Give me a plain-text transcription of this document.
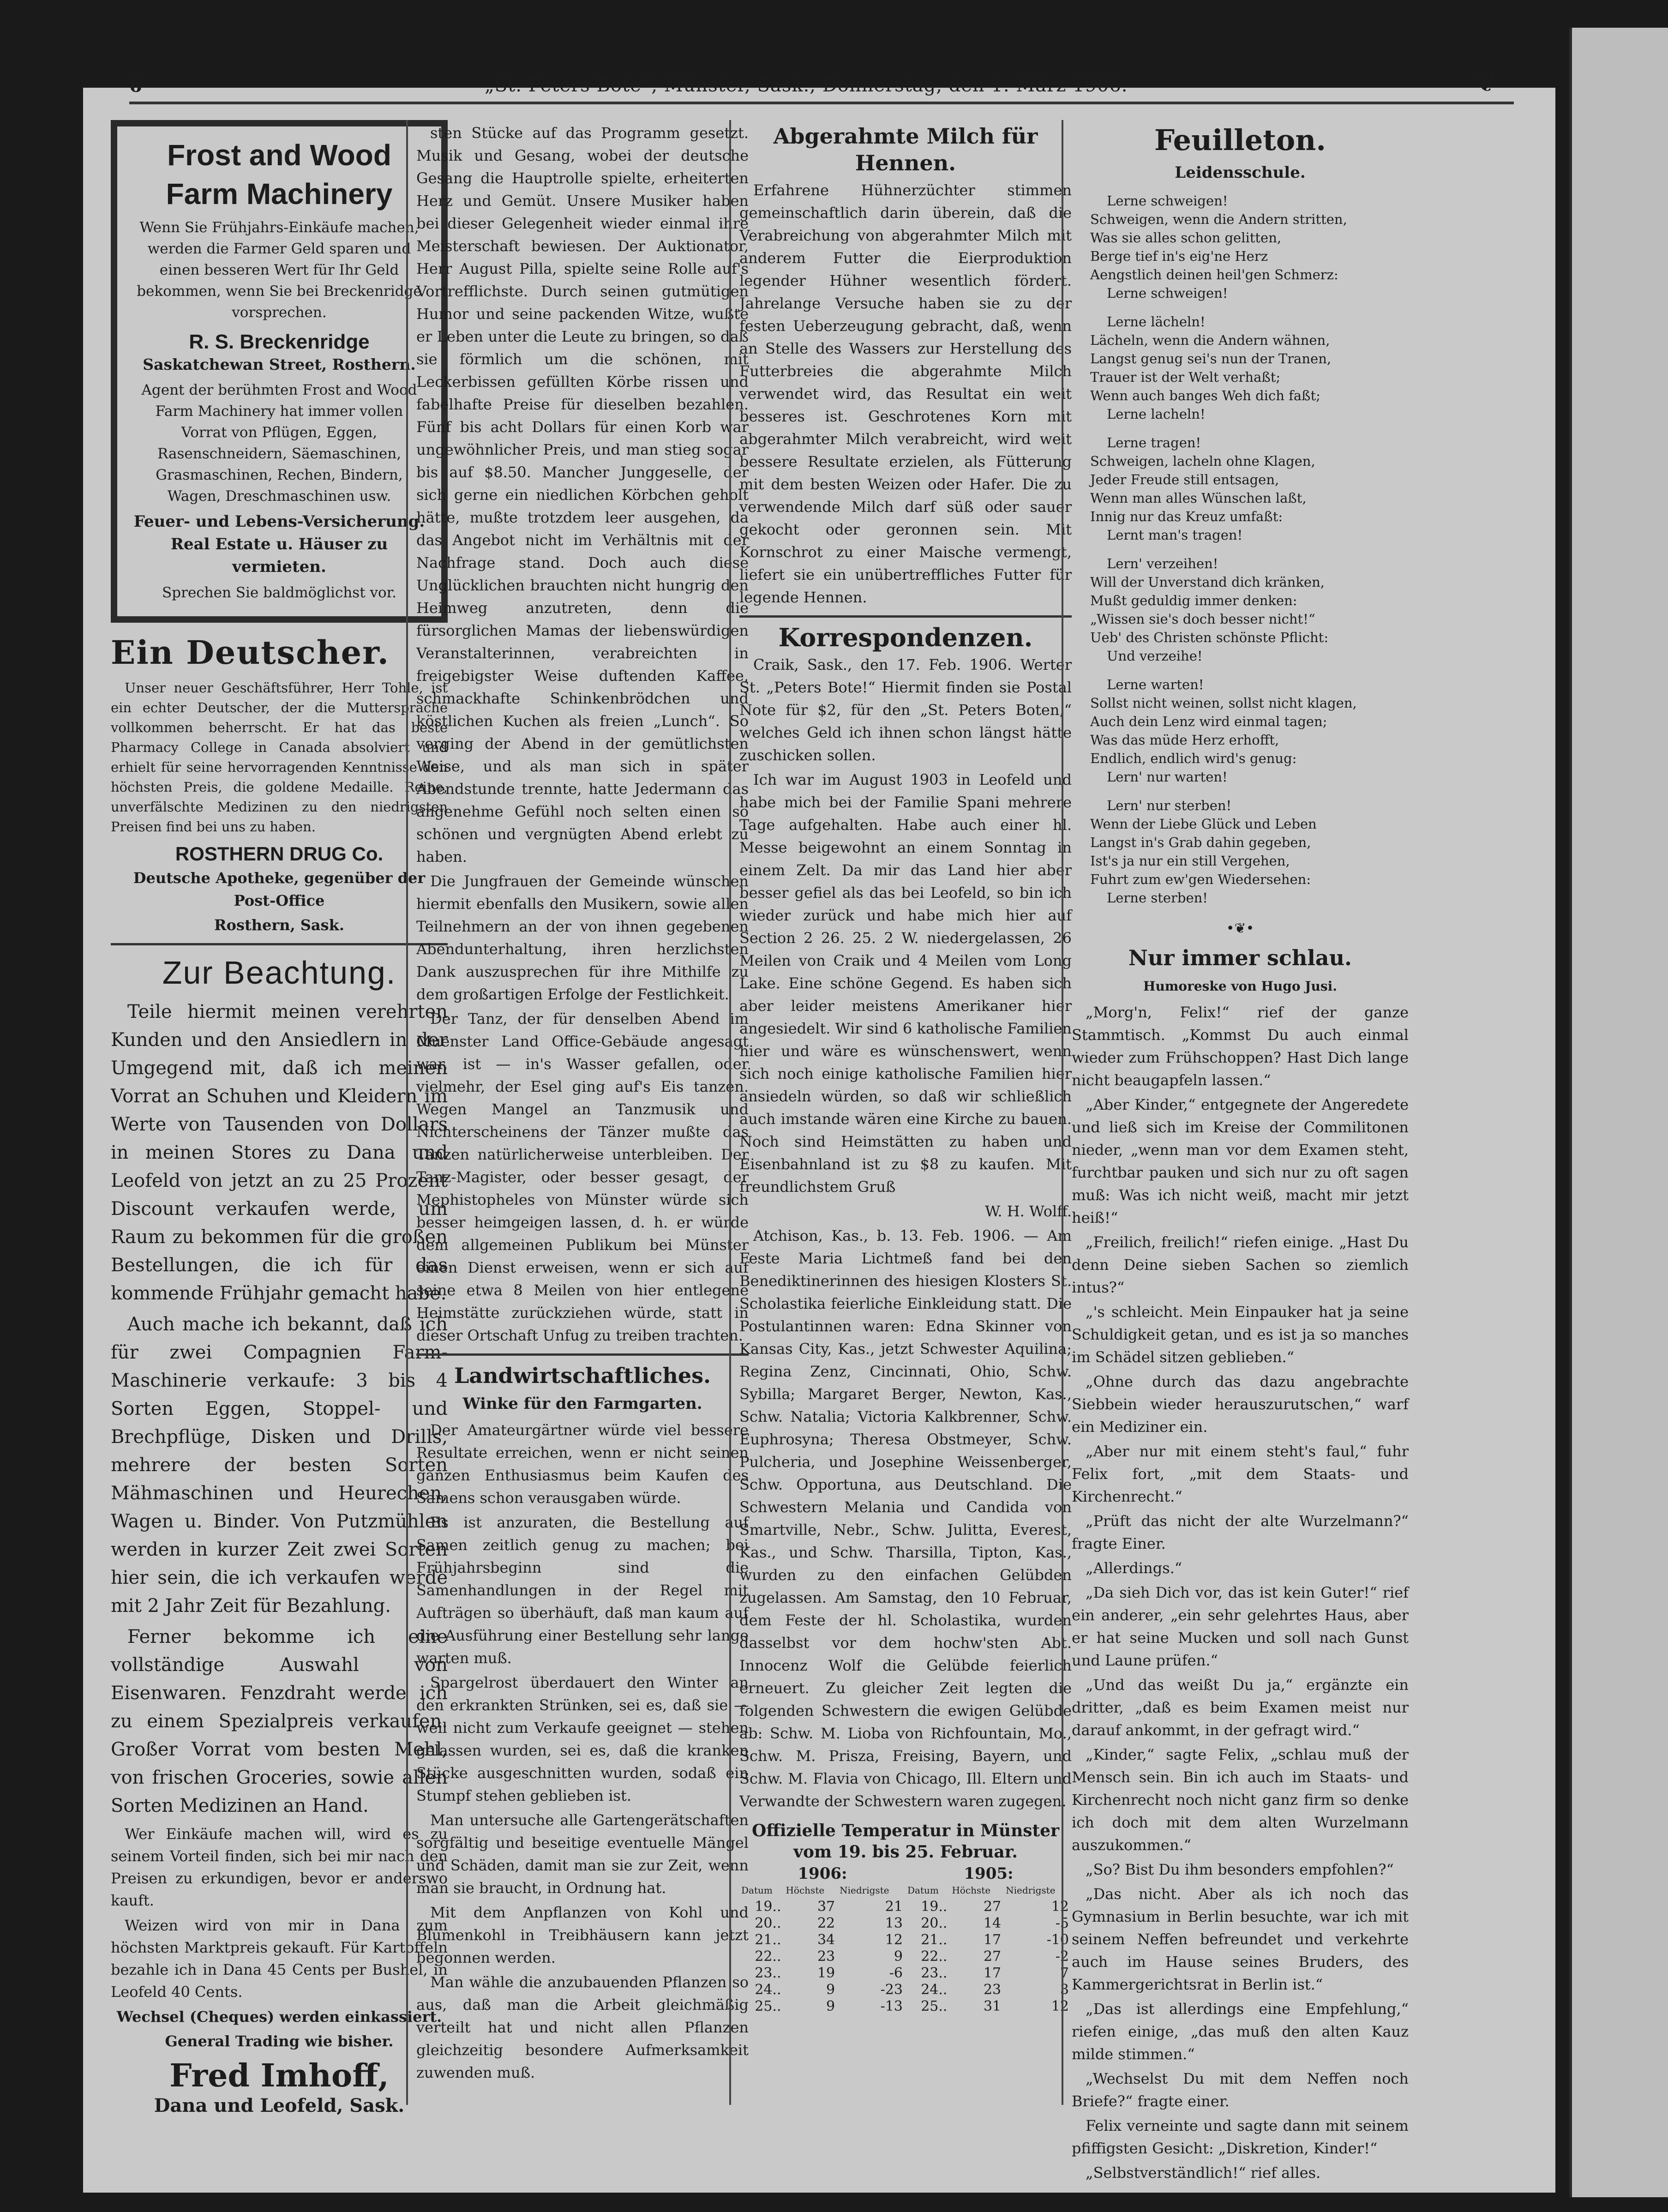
6	„St. Peters Bote“, Münster, Sask., Donnerstag, den 1. März 1906.	❦
Frost and Wood Farm Machinery

Wenn Sie Frühjahrs-Einkäufe machen, werden die Farmer Geld sparen und einen besseren Wert für Ihr Geld bekommen, wenn Sie bei Breckenridge vorsprechen.

R. S. Breckenridge
Saskatchewan Street, Rosthern.

Agent der berühmten Frost and Wood Farm Machinery hat immer vollen Vorrat von Pflügen, Eggen, Rasenschneidern, Säemaschinen, Grasmaschinen, Rechen, Bindern, Wagen, Dreschmaschinen usw.

Feuer- und Lebens-Versicherung.
Real Estate u. Häuser zu vermieten.

Sprechen Sie baldmöglichst vor.

Ein Deutscher.

Unser neuer Geschäftsführer, Herr Tohle, ist ein echter Deutscher, der die Muttersprache vollkommen beherrscht. Er hat das beste Pharmacy College in Canada absolviert und erhielt für seine hervorragenden Kenntnisse den höchsten Preis, die goldene Medaille. Reine, unverfälschte Medizinen zu den niedrigsten Preisen find bei uns zu haben.

ROSTHERN DRUG Co.
Deutsche Apotheke, gegenüber der Post-Office
Rosthern, Sask.
Zur Beachtung.

Teile hiermit meinen verehrten Kunden und den Ansiedlern in der Umgegend mit, daß ich meinen Vorrat an Schuhen und Kleidern im Werte von Tausenden von Dollars in meinen Stores zu Dana und Leofeld von jetzt an zu 25 Prozent Discount verkaufen werde, um Raum zu bekommen für die großen Bestellungen, die ich für das kommende Frühjahr gemacht habe.

Auch mache ich bekannt, daß ich für zwei Compagnien Farm-Maschinerie verkaufe: 3 bis 4 Sorten Eggen, Stoppel- und Brechpflüge, Disken und Drills, mehrere der besten Sorten Mähmaschinen und Heurechen, Wagen u. Binder. Von Putzmühlen werden in kurzer Zeit zwei Sorten hier sein, die ich verkaufen werde mit 2 Jahr Zeit für Bezahlung.

Ferner bekomme ich eine vollständige Auswahl von Eisenwaren. Fenzdraht werde ich zu einem Spezialpreis verkaufen. Großer Vorrat vom besten Mehl, von frischen Groceries, sowie allen Sorten Medizinen an Hand.

Wer Einkäufe machen will, wird es zu seinem Vorteil finden, sich bei mir nach den Preisen zu erkundigen, bevor er anderswo kauft.

Weizen wird von mir in Dana zum höchsten Marktpreis gekauft. Für Kartoffeln bezahle ich in Dana 45 Cents per Bushel, in Leofeld 40 Cents.

Wechsel (Cheques) werden einkassiert.
General Trading wie bisher.
Fred Imhoff,
Dana und Leofeld, Sask.

sten Stücke auf das Programm gesetzt. Musik und Gesang, wobei der deutsche Gesang die Hauptrolle spielte, erheiterten Herz und Gemüt. Unsere Musiker haben bei dieser Gelegenheit wieder einmal ihre Meisterschaft bewiesen. Der Auktionator, Herr August Pilla, spielte seine Rolle auf's Vortrefflichste. Durch seinen gutmütigen Humor und seine packenden Witze, wußte er Leben unter die Leute zu bringen, so daß sie förmlich um die schönen, mit Leckerbissen gefüllten Körbe rissen und fabelhafte Preise für dieselben bezahlen. Fünf bis acht Dollars für einen Korb war ungewöhnlicher Preis, und man stieg sogar bis auf $8.50. Mancher Junggeselle, der sich gerne ein niedlichen Körbchen geholt hätte, mußte trotzdem leer ausgehen, da das Angebot nicht im Verhältnis mit der Nachfrage stand. Doch auch diese Unglücklichen brauchten nicht hungrig den Heimweg anzutreten, denn die fürsorglichen Mamas der liebenswürdigen Veranstalterinnen, verabreichten in freigebigster Weise duftenden Kaffee, schmackhafte Schinkenbrödchen und köstlichen Kuchen als freien „Lunch“. So verging der Abend in der gemütlichsten Weise, und als man sich in später Abendstunde trennte, hatte Jedermann das angenehme Gefühl noch selten einen so schönen und vergnügten Abend erlebt zu haben.

Die Jungfrauen der Gemeinde wünschen hiermit ebenfalls den Musikern, sowie allen Teilnehmern an der von ihnen gegebenen Abendunterhaltung, ihren herzlichsten Dank auszusprechen für ihre Mithilfe zu dem großartigen Erfolge der Festlichkeit.

Der Tanz, der für denselben Abend im Muenster Land Office-Gebäude angesagt war, ist — in's Wasser gefallen, oder vielmehr, der Esel ging auf's Eis tanzen. Wegen Mangel an Tanzmusik und Nichterscheinens der Tänzer mußte das Tanzen natürlicherweise unterbleiben. Der Tanz-Magister, oder besser gesagt, der Mephistopheles von Münster würde sich besser heimgeigen lassen, d. h. er würde dem allgemeinen Publikum bei Münster einen Dienst erweisen, wenn er sich auf seine etwa 8 Meilen von hier entlegene Heimstätte zurückziehen würde, statt in dieser Ortschaft Unfug zu treiben trachten.

Landwirtschaftliches.
Winke für den Farmgarten.

Der Amateurgärtner würde viel bessere Resultate erreichen, wenn er nicht seinen ganzen Enthusiasmus beim Kaufen des Samens schon verausgaben würde.

Es ist anzuraten, die Bestellung auf Samen zeitlich genug zu machen; bei Frühjahrsbeginn sind die Samenhandlungen in der Regel mit Aufträgen so überhäuft, daß man kaum auf die Ausführung einer Bestellung sehr lange warten muß.

Spargelrost überdauert den Winter an den erkrankten Strünken, sei es, daß sie — weil nicht zum Verkaufe geeignet — stehen gelassen wurden, sei es, daß die kranken Stücke ausgeschnitten wurden, sodaß ein Stumpf stehen geblieben ist.

Man untersuche alle Gartengerätschaften sorgfältig und beseitige eventuelle Mängel und Schäden, damit man sie zur Zeit, wenn man sie braucht, in Ordnung hat.

Mit dem Anpflanzen von Kohl und Blumenkohl in Treibhäusern kann jetzt begonnen werden.

Man wähle die anzubauenden Pflanzen so aus, daß man die Arbeit gleichmäßig verteilt hat und nicht allen Pflanzen gleichzeitig besondere Aufmerksamkeit zuwenden muß.

Abgerahmte Milch für Hennen.

Erfahrene Hühnerzüchter stimmen gemeinschaftlich darin überein, daß die Verabreichung von abgerahmter Milch mit anderem Futter die Eierproduktion legender Hühner wesentlich fördert. Jahrelange Versuche haben sie zu der festen Ueberzeugung gebracht, daß, wenn an Stelle des Wassers zur Herstellung des Futterbreies die abgerahmte Milch verwendet wird, das Resultat ein weit besseres ist. Geschrotenes Korn mit abgerahmter Milch verabreicht, wird weit bessere Resultate erzielen, als Fütterung mit dem besten Weizen oder Hafer. Die zu verwendende Milch darf süß oder sauer gekocht oder geronnen sein. Mit Kornschrot zu einer Maische vermengt, liefert sie ein unübertreffliches Futter für legende Hennen.

Korrespondenzen.

Craik, Sask., den 17. Feb. 1906. Werter St. „Peters Bote!“ Hiermit finden sie Postal Note für $2, für den „St. Peters Boten,“ welches Geld ich ihnen schon längst hätte zuschicken sollen.

Ich war im August 1903 in Leofeld und habe mich bei der Familie Spani mehrere Tage aufgehalten. Habe auch einer hl. Messe beigewohnt an einem Sonntag in einem Zelt. Da mir das Land hier aber besser gefiel als das bei Leofeld, so bin ich wieder zurück und habe mich hier auf Section 2 26. 25. 2 W. niedergelassen, 26 Meilen von Craik und 4 Meilen vom Long Lake. Eine schöne Gegend. Es haben sich aber leider meistens Amerikaner hier angesiedelt. Wir sind 6 katholische Familien hier und wäre es wünschenswert, wenn sich noch einige katholische Familien hier ansiedeln würden, so daß wir schließlich auch imstande wären eine Kirche zu bauen. Noch sind Heimstätten zu haben und Eisenbahnland ist zu $8 zu kaufen. Mit freundlichstem Gruß

W. H. Wolff.

Atchison, Kas., b. 13. Feb. 1906. — Am Feste Maria Lichtmeß fand bei den Benediktinerinnen des hiesigen Klosters St. Scholastika feierliche Einkleidung statt. Die Postulantinnen waren: Edna Skinner von Kansas City, Kas., jetzt Schwester Aquilina; Regina Zenz, Cincinnati, Ohio, Schw. Sybilla; Margaret Berger, Newton, Kas., Schw. Natalia; Victoria Kalkbrenner, Schw. Euphrosyna; Theresa Obstmeyer, Schw. Pulcheria, und Josephine Weissenberger, Schw. Opportuna, aus Deutschland. Die Schwestern Melania und Candida von Smartville, Nebr., Schw. Julitta, Everest, Kas., und Schw. Tharsilla, Tipton, Kas., wurden zu den einfachen Gelübden zugelassen. Am Samstag, den 10 Februar, dem Feste der hl. Scholastika, wurden dasselbst vor dem hochw'sten Abt. Innocenz Wolf die Gelübde feierlich erneuert. Zu gleicher Zeit legten die folgenden Schwestern die ewigen Gelübde ab: Schw. M. Lioba von Richfountain, Mo., Schw. M. Prisza, Freising, Bayern, und Schw. M. Flavia von Chicago, Ill. Eltern und Verwandte der Schwestern waren zugegen.

Offizielle Temperatur in Münster vom 19. bis 25. Februar.
1906:			1905:		
Datum	Höchste	Niedrigste	Datum	Höchste	Niedrigste
19..	37	21	19..	27	12
20..	22	13	20..	14	-5
21..	34	12	21..	17	-10
22..	23	9	22..	27	-2
23..	19	-6	23..	17	7
24..	9	-23	24..	23	3
25..	9	-13	25..	31	12
Feuilleton.
Leidensschule.
Lerne schweigen!
Schweigen, wenn die Andern stritten,
Was sie alles schon gelitten,
Berge tief in's eig'ne Herz
Aengstlich deinen heil'gen Schmerz:
Lerne schweigen!
Lerne lächeln!
Lächeln, wenn die Andern wähnen,
Langst genug sei's nun der Tranen,
Trauer ist der Welt verhaßt;
Wenn auch banges Weh dich faßt;
Lerne lacheln!
Lerne tragen!
Schweigen, lacheln ohne Klagen,
Jeder Freude still entsagen,
Wenn man alles Wünschen laßt,
Innig nur das Kreuz umfaßt:
Lernt man's tragen!
Lern' verzeihen!
Will der Unverstand dich kränken,
Mußt geduldig immer denken:
„Wissen sie's doch besser nicht!“
Ueb' des Christen schönste Pflicht:
Und verzeihe!
Lerne warten!
Sollst nicht weinen, sollst nicht klagen,
Auch dein Lenz wird einmal tagen;
Was das müde Herz erhofft,
Endlich, endlich wird's genug:
Lern' nur warten!
Lern' nur sterben!
Wenn der Liebe Glück und Leben
Langst in's Grab dahin gegeben,
Ist's ja nur ein still Vergehen,
Fuhrt zum ew'gen Wiedersehen:
Lerne sterben!
•❦•
Nur immer schlau.
Humoreske von Hugo Jusi.

„Morg'n, Felix!“ rief der ganze Stammtisch. „Kommst Du auch einmal wieder zum Frühschoppen? Hast Dich lange nicht beaugapfeln lassen.“

„Aber Kinder,“ entgegnete der Angeredete und ließ sich im Kreise der Commilitonen nieder, „wenn man vor dem Examen steht, furchtbar pauken und sich nur zu oft sagen muß: Was ich nicht weiß, macht mir jetzt heiß!“

„Freilich, freilich!“ riefen einige. „Hast Du denn Deine sieben Sachen so ziemlich intus?“

„'s schleicht. Mein Einpauker hat ja seine Schuldigkeit getan, und es ist ja so manches im Schädel sitzen geblieben.“

„Ohne durch das dazu angebrachte Siebbein wieder herauszurutschen,“ warf ein Mediziner ein.

„Aber nur mit einem steht's faul,“ fuhr Felix fort, „mit dem Staats- und Kirchenrecht.“

„Prüft das nicht der alte Wurzelmann?“ fragte Einer.

„Allerdings.“

„Da sieh Dich vor, das ist kein Guter!“ rief ein anderer, „ein sehr gelehrtes Haus, aber er hat seine Mucken und soll nach Gunst und Laune prüfen.“

„Und das weißt Du ja,“ ergänzte ein dritter, „daß es beim Examen meist nur darauf ankommt, in der gefragt wird.“

„Kinder,“ sagte Felix, „schlau muß der Mensch sein. Bin ich auch im Staats- und Kirchenrecht noch nicht ganz firm so denke ich doch mit dem alten Wurzelmann auszukommen.“

„So? Bist Du ihm besonders empfohlen?“

„Das nicht. Aber als ich noch das Gymnasium in Berlin besuchte, war ich mit seinem Neffen befreundet und verkehrte auch im Hause seines Bruders, des Kammergerichtsrat in Berlin ist.“

„Das ist allerdings eine Empfehlung,“ riefen einige, „das muß den alten Kauz milde stimmen.“

„Wechselst Du mit dem Neffen noch Briefe?“ fragte einer.

Felix verneinte und sagte dann mit seinem pfiffigsten Gesicht: „Diskretion, Kinder!“

„Selbstverständlich!“ rief alles.
